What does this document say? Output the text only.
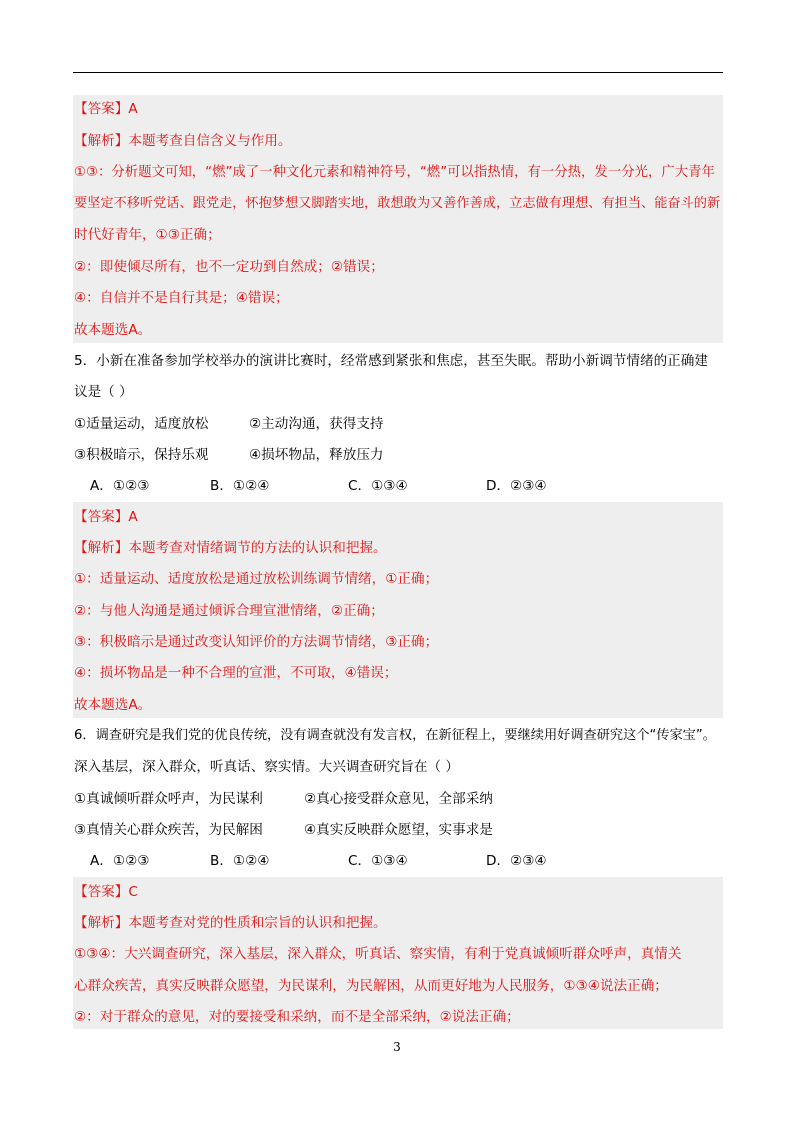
【答案】A
【解析】本题考查自信含义与作用。
①③：分析题文可知，“燃”成了一种文化元素和精神符号，“燃”可以指热情，有一分热，发一分光，广大青年
要坚定不移听党话、跟党走，怀抱梦想又脚踏实地，敢想敢为又善作善成，立志做有理想、有担当、能奋斗的新
时代好青年，①③正确；
②：即使倾尽所有，也不一定功到自然成；②错误；
④：自信并不是自行其是；④错误；
故本题选A。
5．小新在准备参加学校举办的演讲比赛时，经常感到紧张和焦虑，甚至失眠。帮助小新调节情绪的正确建
议是（ ）
①适量运动，适度放松	②主动沟通，获得支持
③积极暗示，保持乐观	④损坏物品，释放压力
A．①②③	B．①②④	C．①③④	D．②③④
【答案】A
【解析】本题考查对情绪调节的方法的认识和把握。
①：适量运动、适度放松是通过放松训练调节情绪，①正确；
②：与他人沟通是通过倾诉合理宣泄情绪，②正确；
③：积极暗示是通过改变认知评价的方法调节情绪，③正确；
④：损坏物品是一种不合理的宣泄，不可取，④错误；
故本题选A。
6．调查研究是我们党的优良传统，没有调查就没有发言权，在新征程上，要继续用好调查研究这个“传家宝”。
深入基层，深入群众，听真话、察实情。大兴调查研究旨在（ ）
①真诚倾听群众呼声，为民谋利	②真心接受群众意见，全部采纳
③真情关心群众疾苦，为民解困	④真实反映群众愿望，实事求是
A．①②③	B．①②④	C．①③④	D．②③④
【答案】C
【解析】本题考查对党的性质和宗旨的认识和把握。
①③④：大兴调查研究，深入基层，深入群众，听真话、察实情，有利于党真诚倾听群众呼声，真情关
心群众疾苦，真实反映群众愿望，为民谋利，为民解困，从而更好地为人民服务，①③④说法正确；
②：对于群众的意见，对的要接受和采纳，而不是全部采纳，②说法正确；
3
